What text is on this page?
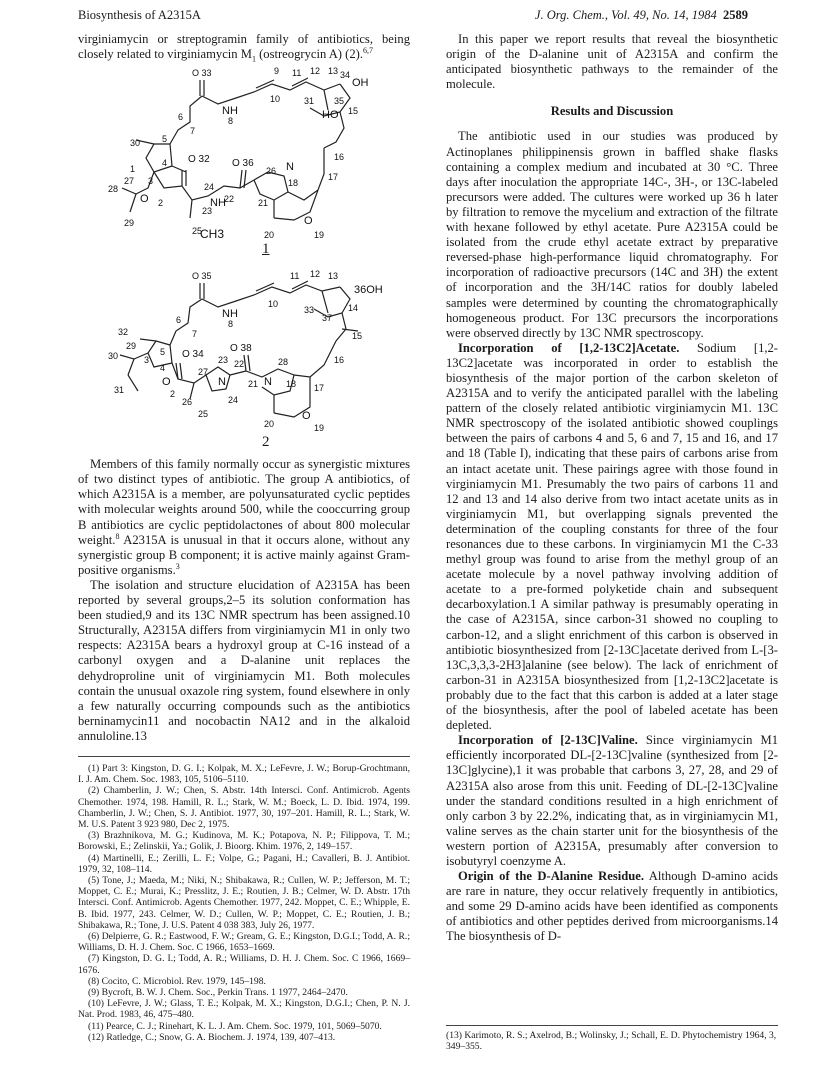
Biosynthesis of A2315A	J. Org. Chem., Vol. 49, No. 14, 1984 2589

virginiamycin or streptogramin family of antibiotics, being closely related to virginiamycin $M_1$ (ostreogrycin A) (2).$^{6,7}$

O 33	34
OH
NH
8
9 11 12 13
10	31
HO
35
15
6
7
5
O 32
30
4	O 36
16
26
17
28
27 3
O
24
NH
22
N
18
1
2
23
25
CH3	20
O
19
29
21
1
O 35
36OH
NH
8
10
11 12 13
14
32
6
5
7
33
37
15
O 34
O 38
16
30
29
4
3	28
17
O
23 22
N	N 18
2
27
21
31
26	24
20
O
19
25
2

Members of this family normally occur as synergistic mixtures of two distinct types of antibiotic. The group A antibiotics, of which A2315A is a member, are polyunsaturated cyclic peptides with molecular weights around 500, while the cooccurring group B antibiotics are cyclic peptidolactones of about 800 molecular weight.$^8$ A2315A is unusual in that it occurs alone, without any synergistic group B component; it is active mainly against Gram-positive organisms.$^3$

The isolation and structure elucidation of A2315A has been reported by several groups,2–5 its solution conformation has been studied,9 and its 13C NMR spectrum has been assigned.10 Structurally, A2315A differs from virginiamycin M1 in only two respects: A2315A bears a hydroxyl group at C-16 instead of a carbonyl oxygen and a D-alanine unit replaces the dehydroproline unit of virginiamycin M1. Both molecules contain the unusual oxazole ring system, found elsewhere in only a few naturally occurring compounds such as the antibiotics berninamycin11 and nocobactin NA12 and in the alkaloid annuloline.13

(1) Part 3: Kingston, D. G. I.; Kolpak, M. X.; LeFevre, J. W.; Borup-Grochtmann, I. J. Am. Chem. Soc. 1983, 105, 5106–5110.

(2) Chamberlin, J. W.; Chen, S. Abstr. 14th Intersci. Conf. Antimicrob. Agents Chemother. 1974, 198. Hamill, R. L.; Stark, W. M.; Boeck, L. D. Ibid. 1974, 199. Chamberlin, J. W.; Chen, S. J. Antibiot. 1977, 30, 197–201. Hamill, R. L.; Stark, W. M. U.S. Patent 3 923 980, Dec 2, 1975.

(3) Brazhnikova, M. G.; Kudinova, M. K.; Potapova, N. P.; Filippova, T. M.; Borowski, E.; Zelinskii, Ya.; Golik, J. Bioorg. Khim. 1976, 2, 149–157.

(4) Martinelli, E.; Zerilli, L. F.; Volpe, G.; Pagani, H.; Cavalleri, B. J. Antibiot. 1979, 32, 108–114.

(5) Tone, J.; Maeda, M.; Niki, N.; Shibakawa, R.; Cullen, W. P.; Jefferson, M. T.; Moppet, C. E.; Murai, K.; Presslitz, J. E.; Routien, J. B.; Celmer, W. D. Abstr. 17th Intersci. Conf. Antimicrob. Agents Chemother. 1977, 242. Moppet, C. E.; Whipple, E. B. Ibid. 1977, 243. Celmer, W. D.; Cullen, W. P.; Moppet, C. E.; Routien, J. B.; Shibakawa, R.; Tone, J. U.S. Patent 4 038 383, July 26, 1977.

(6) Delpierre, G. R.; Eastwood, F. W.; Gream, G. E.; Kingston, D.G.I.; Todd, A. R.; Williams, D. H. J. Chem. Soc. C 1966, 1653–1669.

(7) Kingston, D. G. I.; Todd, A. R.; Williams, D. H. J. Chem. Soc. C 1966, 1669–1676.

(8) Cocito, C. Microbiol. Rev. 1979, 145–198.

(9) Bycroft, B. W. J. Chem. Soc., Perkin Trans. 1 1977, 2464–2470.

(10) LeFevre, J. W.; Glass, T. E.; Kolpak, M. X.; Kingston, D.G.I.; Chen, P. N. J. Nat. Prod. 1983, 46, 475–480.

(11) Pearce, C. J.; Rinehart, K. L. J. Am. Chem. Soc. 1979, 101, 5069–5070.

(12) Ratledge, C.; Snow, G. A. Biochem. J. 1974, 139, 407–413.

In this paper we report results that reveal the biosynthetic origin of the D-alanine unit of A2315A and confirm the anticipated biosynthetic pathways to the remainder of the molecule.

Results and Discussion

The antibiotic used in our studies was produced by Actinoplanes philippinensis grown in baffled shake flasks containing a complex medium and incubated at 30 °C. Three days after inoculation the appropriate 14C-, 3H-, or 13C-labeled precursors were added. The cultures were worked up 36 h later by filtration to remove the mycelium and extraction of the filtrate with hexane followed by ethyl acetate. Pure A2315A could be isolated from the crude ethyl acetate extract by preparative reversed-phase high-performance liquid chromatography. For incorporation of radioactive precursors (14C and 3H) the extent of incorporation and the 3H/14C ratios for doubly labeled samples were determined by counting the chromatographically homogeneous product. For 13C precursors the incorporations were observed directly by 13C NMR spectroscopy.

Incorporation of [1,2-13C2]Acetate. Sodium [1,2-13C2]acetate was incorporated in order to establish the biosynthesis of the major portion of the carbon skeleton of A2315A and to verify the anticipated parallel with the labeling pattern of the closely related antibiotic virginiamycin M1. 13C NMR spectroscopy of the isolated antibiotic showed couplings between the pairs of carbons 4 and 5, 6 and 7, 15 and 16, and 17 and 18 (Table I), indicating that these pairs of carbons arise from an intact acetate unit. These pairings agree with those found in virginiamycin M1. Presumably the two pairs of carbons 11 and 12 and 13 and 14 also derive from two intact acetate units as in virginiamycin M1, but overlapping signals prevented the determination of the coupling constants for three of the four resonances due to these carbons. In virginiamycin M1 the C-33 methyl group was found to arise from the methyl group of an acetate molecule by a novel pathway involving addition of acetate to a pre-formed polyketide chain and subsequent decarboxylation.1 A similar pathway is presumably operating in the case of A2315A, since carbon-31 showed no coupling to carbon-12, and a slight enrichment of this carbon is observed in antibiotic biosynthesized from [2-13C]acetate derived from L-[3-13C,3,3,3-2H3]alanine (see below). The lack of enrichment of carbon-31 in A2315A biosynthesized from [1,2-13C2]acetate is probably due to the fact that this carbon is added at a later stage of the biosynthesis, after the pool of labeled acetate has been depleted.

Incorporation of [2-13C]Valine. Since virginiamycin M1 efficiently incorporated DL-[2-13C]valine (synthesized from [2-13C]glycine),1 it was probable that carbons 3, 27, 28, and 29 of A2315A also arose from this unit. Feeding of DL-[2-13C]valine under the standard conditions resulted in a high enrichment of only carbon 3 by 22.2%, indicating that, as in virginiamycin M1, valine serves as the chain starter unit for the biosynthesis of the western portion of A2315A, presumably after conversion to isobutyryl coenzyme A.

Origin of the D-Alanine Residue. Although D-amino acids are rare in nature, they occur relatively frequently in antibiotics, and some 29 D-amino acids have been identified as components of antibiotics and other peptides derived from microorganisms.14 The biosynthesis of D-

(13) Karimoto, R. S.; Axelrod, B.; Wolinsky, J.; Schall, E. D. Phytochemistry 1964, 3, 349–355.
